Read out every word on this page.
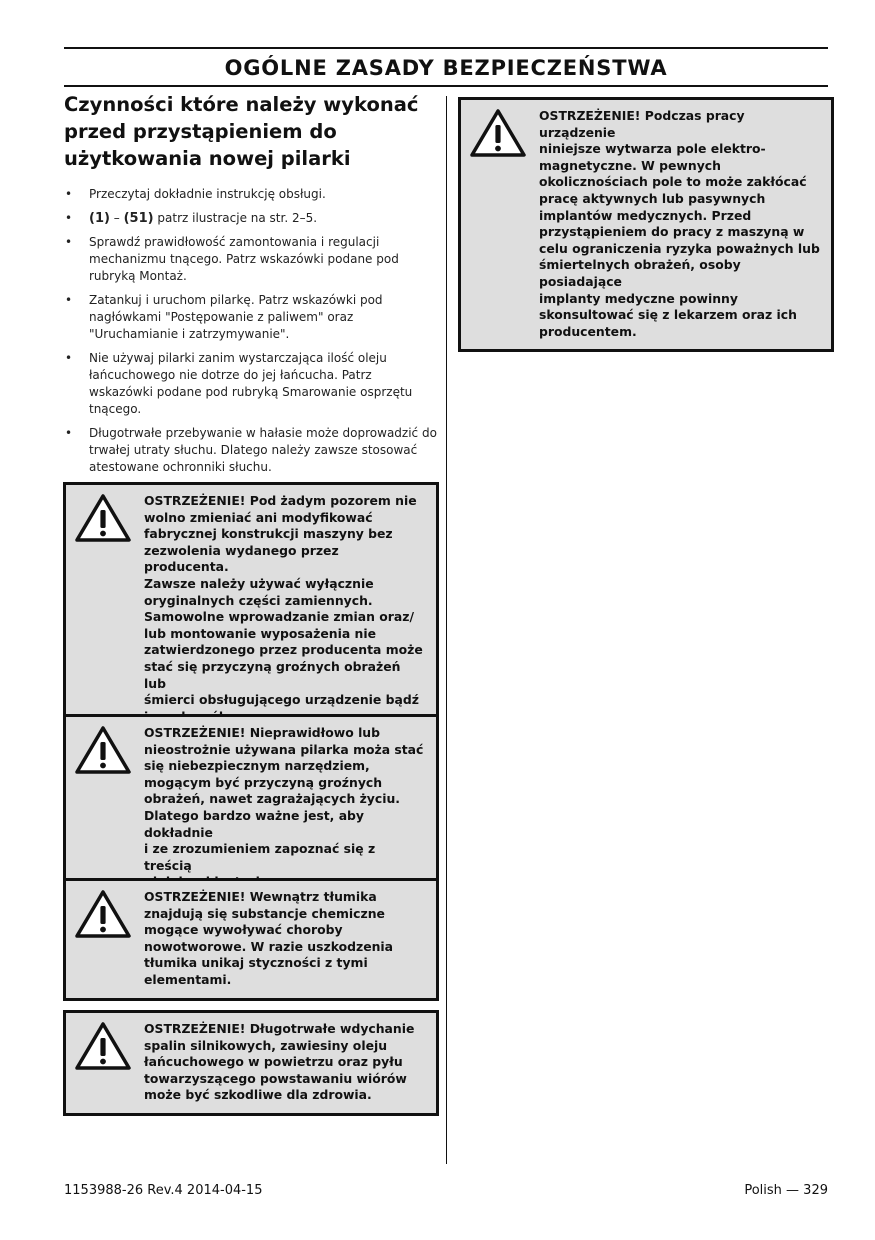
OGÓLNE ZASADY BEZPIECZEŃSTWA
Czynności które należy wykonać
przed przystąpieniem do
użytkowania nowej pilarki
• Przeczytaj dokładnie instrukcję obsługi.
• (1) – (51) patrz ilustracje na str. 2–5.
• Sprawdź prawidłowość zamontowania i regulacji
mechanizmu tnącego. Patrz wskazówki podane pod
rubryką Montaż.
• Zatankuj i uruchom pilarkę. Patrz wskazówki pod
nagłówkami "Postępowanie z paliwem" oraz
"Uruchamianie i zatrzymywanie".
• Nie używaj pilarki zanim wystarczająca ilość oleju
łańcuchowego nie dotrze do jej łańcucha. Patrz
wskazówki podane pod rubryką Smarowanie osprzętu
tnącego.
• Długotrwałe przebywanie w hałasie może doprowadzić do
trwałej utraty słuchu. Dlatego należy zawsze stosować
atestowane ochronniki słuchu.

OSTRZEŻENIE! Pod żadym pozorem nie
wolno zmieniać ani modyfikować
fabrycznej konstrukcji maszyny bez
zezwolenia wydanego przez producenta.
Zawsze należy używać wyłącznie
oryginalnych części zamiennych.
Samowolne wprowadzanie zmian oraz/
lub montowanie wyposażenia nie
zatwierdzonego przez producenta może
stać się przyczyną groźnych obrażeń lub
śmierci obsługującego urządzenie bądź

OSTRZEŻENIE! Nieprawidłowo lub
nieostrożnie używana pilarka moża stać
się niebezpiecznym narzędziem,
mogącym być przyczyną groźnych
obrażeń, nawet zagrażających życiu.
Dlatego bardzo ważne jest, aby dokładnie
i ze zrozumieniem zapoznać się z treścią

OSTRZEŻENIE! Wewnątrz tłumika
znajdują się substancje chemiczne
mogące wywoływać choroby
nowotworowe. W razie uszkodzenia
tłumika unikaj styczności z tymi
elementami.

OSTRZEŻENIE! Długotrwałe wdychanie
spalin silnikowych, zawiesiny oleju
łańcuchowego w powietrzu oraz pyłu
towarzyszącego powstawaniu wiórów
może być szkodliwe dla zdrowia.

OSTRZEŻENIE! Podczas pracy urządzenie
niniejsze wytwarza pole elektro-
magnetyczne. W pewnych
okolicznościach pole to może zakłócać
pracę aktywnych lub pasywnych
implantów medycznych. Przed
przystąpieniem do pracy z maszyną w
celu ograniczenia ryzyka poważnych lub
śmiertelnych obrażeń, osoby posiadające
implanty medyczne powinny
skonsultować się z lekarzem oraz ich
producentem.

1153988-26 Rev.4 2014-04-15	Polish — 329
